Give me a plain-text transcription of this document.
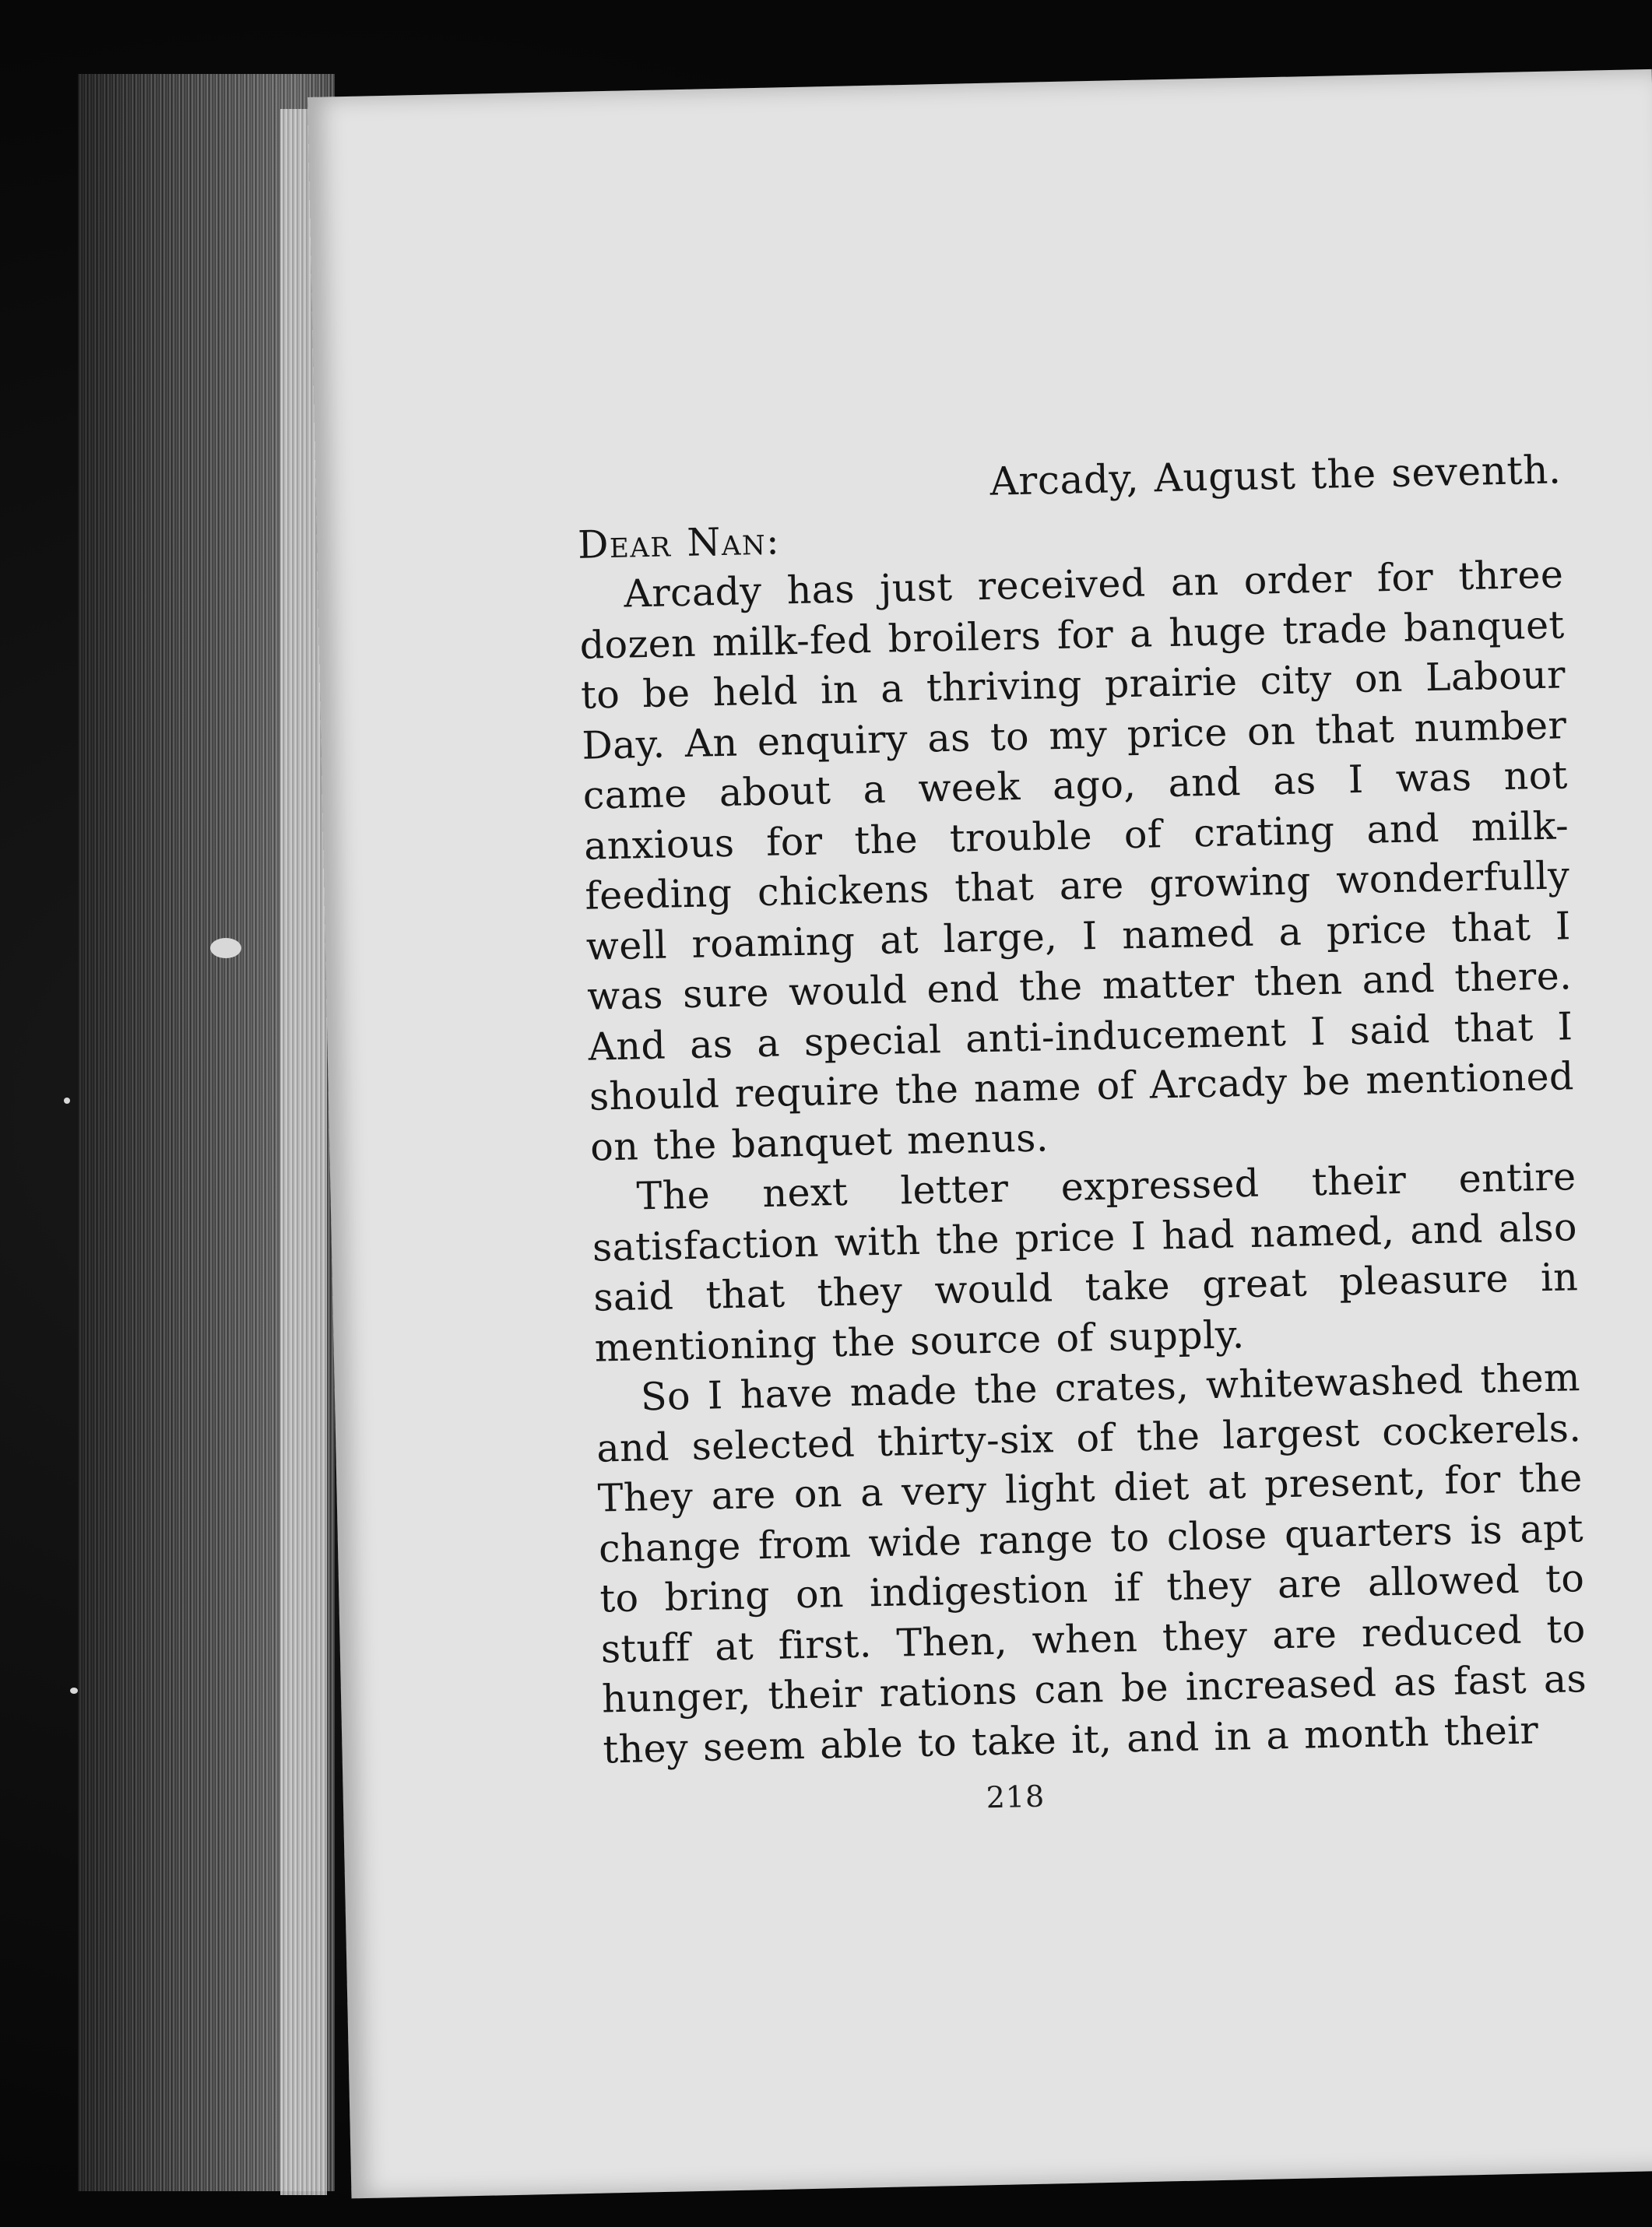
Arcady, August the seventh.

Dear Nan:

Arcady has just received an order for three dozen milk-fed broilers for a huge trade banquet to be held in a thriving prairie city on Labour Day. An enquiry as to my price on that number came about a week ago, and as I was not anxious for the trouble of crating and milk-feeding chickens that are growing wonderfully well roaming at large, I named a price that I was sure would end the matter then and there. And as a special anti-inducement I said that I should require the name of Arcady be mentioned on the banquet menus.

The next letter expressed their entire satisfaction with the price I had named, and also said that they would take great pleasure in mentioning the source of supply.

So I have made the crates, whitewashed them and selected thirty-six of the largest cockerels. They are on a very light diet at present, for the change from wide range to close quarters is apt to bring on indigestion if they are allowed to stuff at first. Then, when they are reduced to hunger, their rations can be increased as fast as they seem able to take it, and in a month their

218
